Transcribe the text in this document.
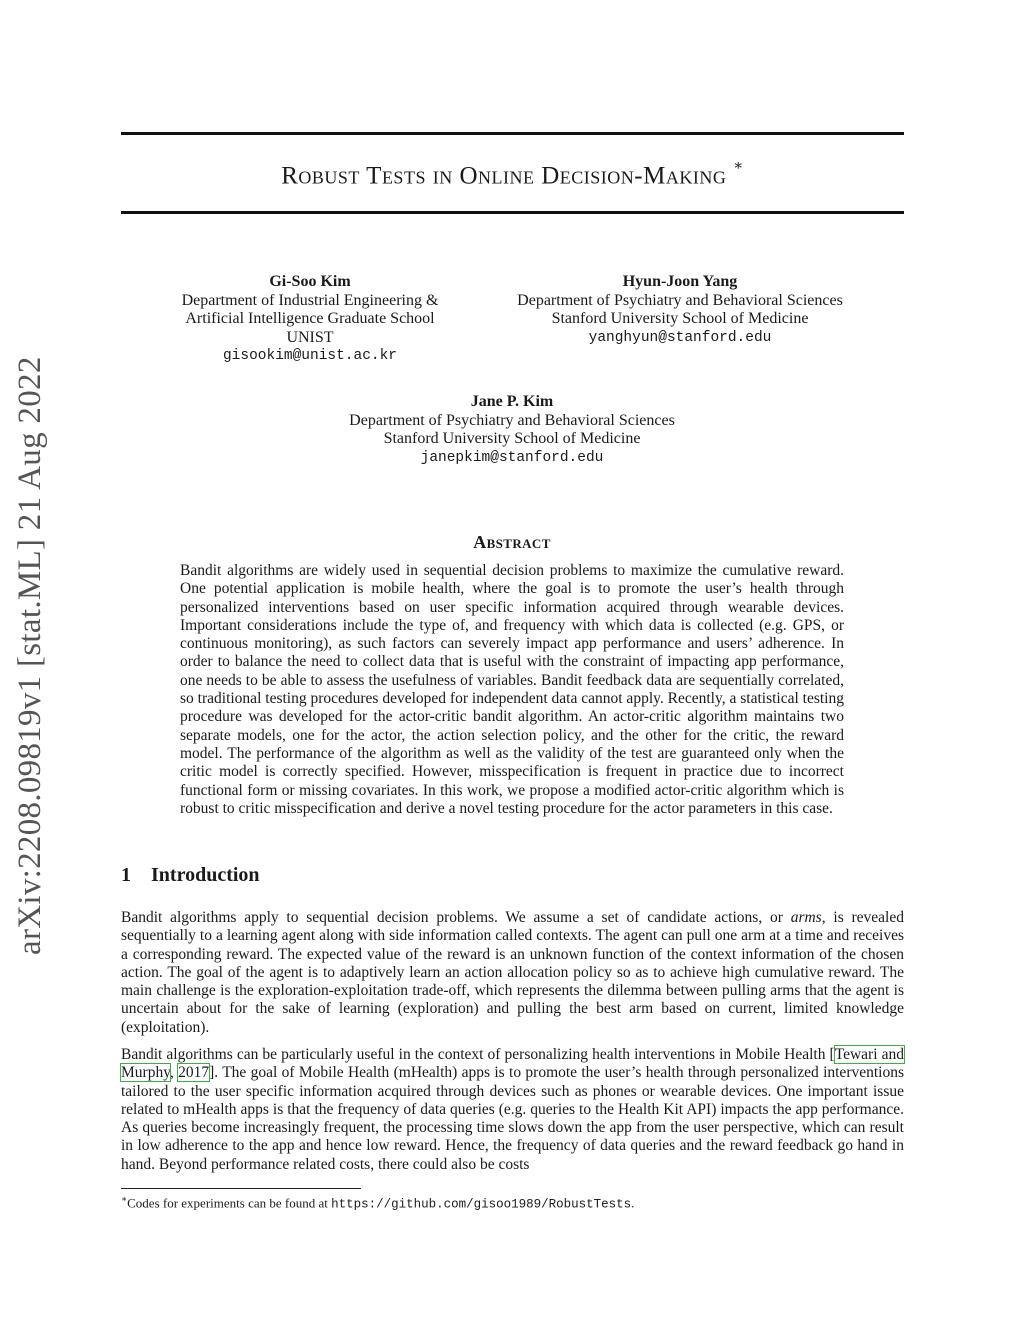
arXiv:2208.09819v1 [stat.ML] 21 Aug 2022
Robust Tests in Online Decision-Making ∗
Gi-Soo Kim
Department of Industrial Engineering &
Artificial Intelligence Graduate School
UNIST
gisookim@unist.ac.kr
Hyun-Joon Yang
Department of Psychiatry and Behavioral Sciences
Stanford University School of Medicine
yanghyun@stanford.edu
Jane P. Kim
Department of Psychiatry and Behavioral Sciences
Stanford University School of Medicine
janepkim@stanford.edu
Abstract

Bandit algorithms are widely used in sequential decision problems to maximize the cumulative reward. One potential application is mobile health, where the goal is to promote the user’s health through personalized interventions based on user specific information acquired through wearable devices. Important considerations include the type of, and frequency with which data is collected (e.g. GPS, or continuous monitoring), as such factors can severely impact app performance and users’ adherence. In order to balance the need to collect data that is useful with the constraint of impacting app performance, one needs to be able to assess the usefulness of variables. Bandit feedback data are sequentially correlated, so traditional testing procedures developed for independent data cannot apply. Recently, a statistical testing procedure was developed for the actor-critic bandit algorithm. An actor-critic algorithm maintains two separate models, one for the actor, the action selection policy, and the other for the critic, the reward model. The performance of the algorithm as well as the validity of the test are guaranteed only when the critic model is correctly specified. However, misspecification is frequent in practice due to incorrect functional form or missing covariates. In this work, we propose a modified actor-critic algorithm which is robust to critic misspecification and derive a novel testing procedure for the actor parameters in this case.

1 Introduction

Bandit algorithms apply to sequential decision problems. We assume a set of candidate actions, or arms, is revealed sequentially to a learning agent along with side information called contexts. The agent can pull one arm at a time and receives a corresponding reward. The expected value of the reward is an unknown function of the context information of the chosen action. The goal of the agent is to adaptively learn an action allocation policy so as to achieve high cumulative reward. The main challenge is the exploration-exploitation trade-off, which represents the dilemma between pulling arms that the agent is uncertain about for the sake of learning (exploration) and pulling the best arm based on current, limited knowledge (exploitation).

Bandit algorithms can be particularly useful in the context of personalizing health interventions in Mobile Health [Tewari and Murphy, 2017]. The goal of Mobile Health (mHealth) apps is to promote the user’s health through personalized interventions tailored to the user specific information acquired through devices such as phones or wearable devices. One important issue related to mHealth apps is that the frequency of data queries (e.g. queries to the Health Kit API) impacts the app performance. As queries become increasingly frequent, the processing time slows down the app from the user perspective, which can result in low adherence to the app and hence low reward. Hence, the frequency of data queries and the reward feedback go hand in hand. Beyond performance related costs, there could also be costs

∗Codes for experiments can be found at https://github.com/gisoo1989/RobustTests.
